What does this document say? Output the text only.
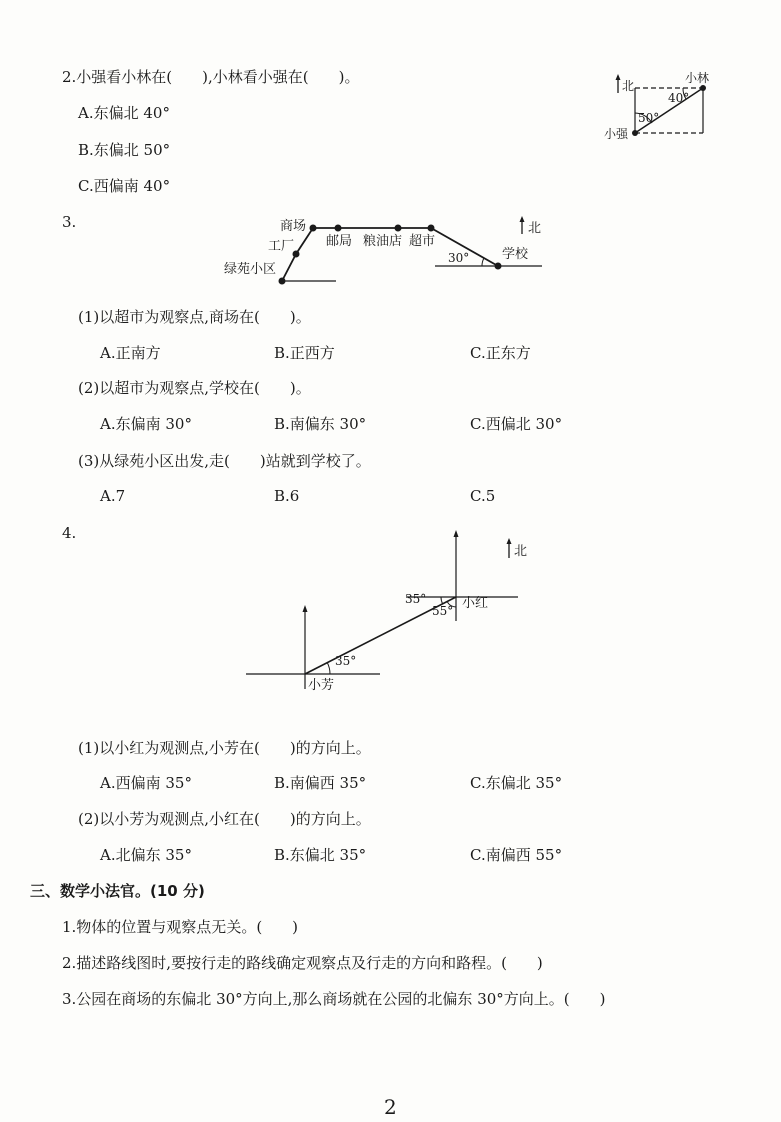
2.小强看小林在(　　),小林看小强在(　　)。
A.东偏北 40°
B.东偏北 50°
C.西偏南 40°
北
小林
40°
50°
小强
3.	北
绿苑小区
工厂
商场
邮局 粮油店 超市
学校
30°
(1)以超市为观察点,商场在(　　)。
A.正南方	B.正西方	C.正东方
(2)以超市为观察点,学校在(　　)。
A.东偏南 30°	B.南偏东 30°	C.西偏北 30°
(3)从绿苑小区出发,走(　　)站就到学校了。
A.7	B.6	C.5
4.
北
35°
55°
35°
小红
小芳
(1)以小红为观测点,小芳在(　　)的方向上。
A.西偏南 35°	B.南偏西 35°	C.东偏北 35°
(2)以小芳为观测点,小红在(　　)的方向上。
A.北偏东 35°	B.东偏北 35°	C.南偏西 55°
三、数学小法官。(10 分)
1.物体的位置与观察点无关。(　　)
2.描述路线图时,要按行走的路线确定观察点及行走的方向和路程。(　　)
3.公园在商场的东偏北 30°方向上,那么商场就在公园的北偏东 30°方向上。(　　)
2
